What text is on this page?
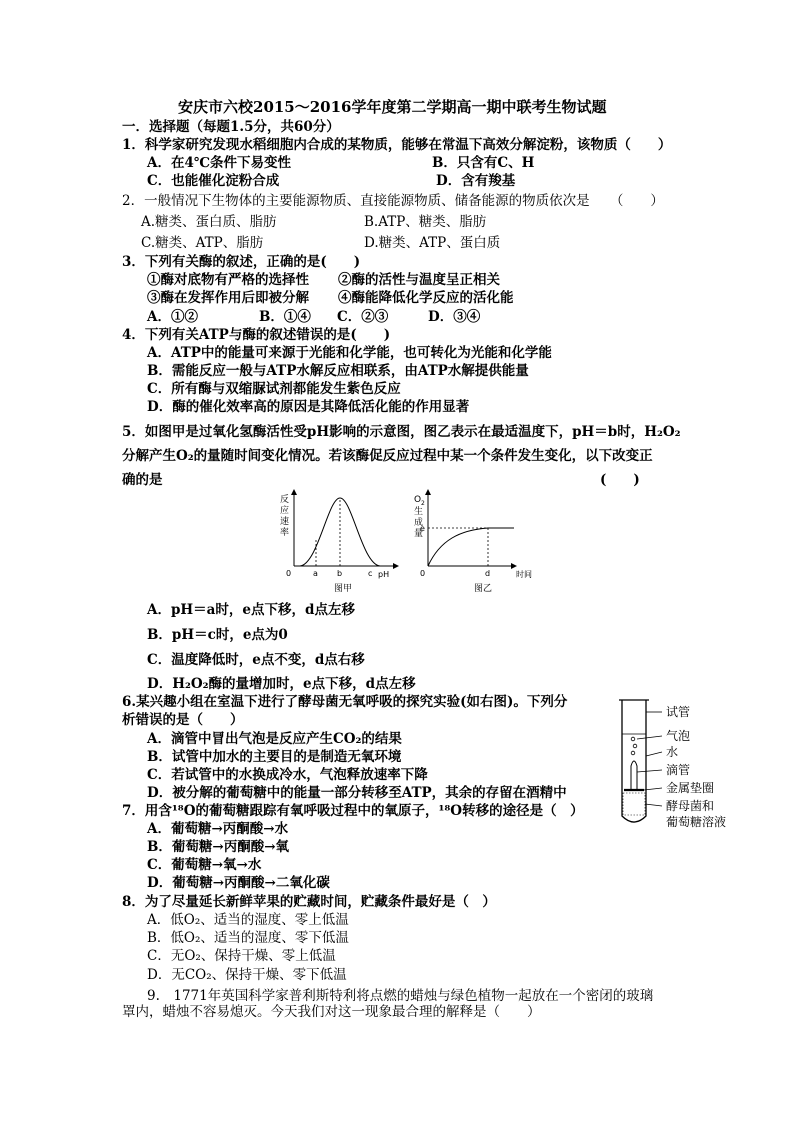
安庆市六校2015～2016学年度第二学期高一期中联考生物试题
一．选择题（每题1.5分，共60分）
1．科学家研究发现水稻细胞内合成的某物质，能够在常温下高效分解淀粉，该物质（　　）
A．在4℃条件下易变性	B．只含有C、H
C．也能催化淀粉合成	D．含有羧基
2．一般情况下生物体的主要能源物质、直接能源物质、储备能源的物质依次是　　（　　）
A.糖类、蛋白质、脂肪	B.ATP、糖类、脂肪
C.糖类、ATP、脂肪	D.糖类、ATP、蛋白质
3．下列有关酶的叙述，正确的是(　　)
①酶对底物有严格的选择性 ②酶的活性与温度呈正相关
③酶在发挥作用后即被分解 ④酶能降低化学反应的活化能
A．①②	B．①④ C．②③	D．③④
4．下列有关ATP与酶的叙述错误的是(　　)
A．ATP中的能量可来源于光能和化学能，也可转化为光能和化学能
B．需能反应一般与ATP水解反应相联系，由ATP水解提供能量
C．所有酶与双缩脲试剂都能发生紫色反应
D．酶的催化效率高的原因是其降低活化能的作用显著
5．如图甲是过氧化氢酶活性受pH影响的示意图，图乙表示在最适温度下，pH＝b时，H₂O₂
分解产生O₂的量随时间变化情况。若该酶促反应过程中某一个条件发生变化，以下改变正
确的是	(　　)
反
应
速
率
0	a b	c pH
图甲
O 2
生
成
量
e
0	d	时间
图乙
A．pH＝a时，e点下移，d点左移
B．pH＝c时，e点为0
C．温度降低时，e点不变，d点右移
D．H₂O₂酶的量增加时，e点下移，d点左移
6.某兴趣小组在室温下进行了酵母菌无氧呼吸的探究实验(如右图)。下列分
析错误的是（　　）
A．滴管中冒出气泡是反应产生CO₂的结果
B．试管中加水的主要目的是制造无氧环境
C．若试管中的水换成冷水，气泡释放速率下降
D．被分解的葡萄糖中的能量一部分转移至ATP，其余的存留在酒精中
试管
气泡
水
滴管
金属垫圈
酵母菌和
葡萄糖溶液
7．用含¹⁸O的葡萄糖跟踪有氧呼吸过程中的氧原子，¹⁸O转移的途径是（　）
A．葡萄糖→丙酮酸→水
B．葡萄糖→丙酮酸→氧
C．葡萄糖→氧→水
D．葡萄糖→丙酮酸→二氧化碳
8．为了尽量延长新鲜苹果的贮藏时间，贮藏条件最好是（　）
A．低O₂、适当的湿度、零上低温
B．低O₂、适当的湿度、零下低温
C．无O₂、保持干燥、零上低温
D．无CO₂、保持干燥、零下低温
9.　1771年英国科学家普利斯特利将点燃的蜡烛与绿色植物一起放在一个密闭的玻璃
罩内，蜡烛不容易熄灭。今天我们对这一现象最合理的解释是（　　）
